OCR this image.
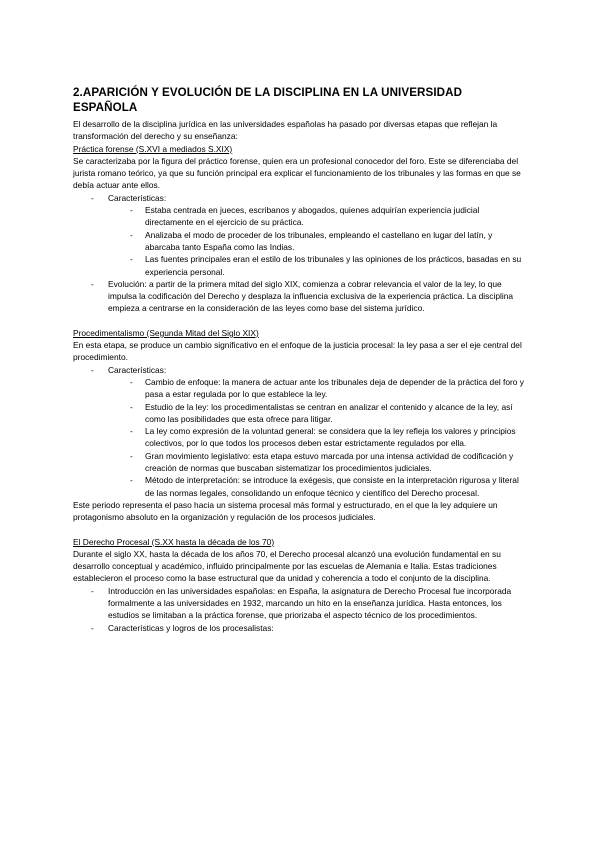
2.APARICIÓN Y EVOLUCIÓN DE LA DISCIPLINA EN LA UNIVERSIDAD ESPAÑOLA

El desarrollo de la disciplina jurídica en las universidades españolas ha pasado por diversas etapas que reflejan la transformación del derecho y su enseñanza:

Práctica forense (S.XVI a mediados S.XIX)

Se caracterizaba por la figura del práctico forense, quien era un profesional conocedor del foro. Este se diferenciaba del jurista romano teórico, ya que su función principal era explicar el funcionamiento de los tribunales y las formas en que se debía actuar ante ellos.

- Características:
- Estaba centrada en jueces, escribanos y abogados, quienes adquirían experiencia judicial directamente en el ejercicio de su práctica.
- Analizaba el modo de proceder de los tribunales, empleando el castellano en lugar del latín, y abarcaba tanto España como las Indias.
- Las fuentes principales eran el estilo de los tribunales y las opiniones de los prácticos, basadas en su experiencia personal.
- Evolución: a partir de la primera mitad del siglo XIX, comienza a cobrar relevancia el valor de la ley, lo que impulsa la codificación del Derecho y desplaza la influencia exclusiva de la experiencia práctica. La disciplina empieza a centrarse en la consideración de las leyes como base del sistema jurídico.

Procedimentalismo (Segunda Mitad del Siglo XIX)

En esta etapa, se produce un cambio significativo en el enfoque de la justicia procesal: la ley pasa a ser el eje central del procedimiento.

- Características:
- Cambio de enfoque: la manera de actuar ante los tribunales deja de depender de la práctica del foro y pasa a estar regulada por lo que establece la ley.
- Estudio de la ley: los procedimentalistas se centran en analizar el contenido y alcance de la ley, así como las posibilidades que esta ofrece para litigar.
- La ley como expresión de la voluntad general: se considera que la ley refleja los valores y principios colectivos, por lo que todos los procesos deben estar estrictamente regulados por ella.
- Gran movimiento legislativo: esta etapa estuvo marcada por una intensa actividad de codificación y creación de normas que buscaban sistematizar los procedimientos judiciales.
- Método de interpretación: se introduce la exégesis, que consiste en la interpretación rigurosa y literal de las normas legales, consolidando un enfoque técnico y científico del Derecho procesal.

Este periodo representa el paso hacia un sistema procesal más formal y estructurado, en el que la ley adquiere un protagonismo absoluto en la organización y regulación de los procesos judiciales.

El Derecho Procesal (S.XX hasta la década de los 70)

Durante el siglo XX, hasta la década de los años 70, el Derecho procesal alcanzó una evolución fundamental en su desarrollo conceptual y académico, influido principalmente por las escuelas de Alemania e Italia. Estas tradiciones establecieron el proceso como la base estructural que da unidad y coherencia a todo el conjunto de la disciplina.

- Introducción en las universidades españolas: en España, la asignatura de Derecho Procesal fue incorporada formalmente a las universidades en 1932, marcando un hito en la enseñanza jurídica. Hasta entonces, los estudios se limitaban a la práctica forense, que priorizaba el aspecto técnico de los procedimientos.
- Características y logros de los procesalistas:
